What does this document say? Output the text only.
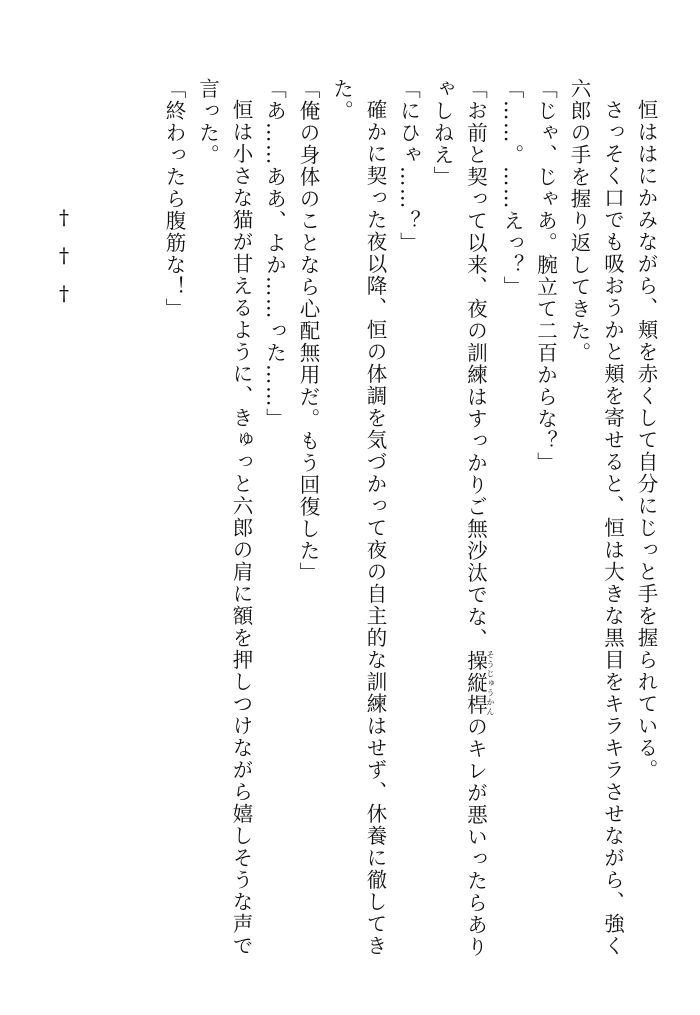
恒ははにかみながら、頬を赤くして自分にじっと手を握られている。

さっそく口でも吸おうかと頬を寄せると、恒は大きな黒目をキラキラさせながら、強く六郎の手を握り返してきた。

「じゃ、じゃあ。腕立て二百からな？」

「……。……えっ？」

「お前と契って以来、夜の訓練はすっかりご無沙汰でな、操縦桿そうじゅうかんのキレが悪いったらありゃしねえ」

「にひゃ……？」

確かに契った夜以降、恒の体調を気づかって夜の自主的な訓練はせず、休養に徹してきた。

「俺の身体のことなら心配無用だ。もう回復した」

「あ……ああ、よか……った……」

恒は小さな猫が甘えるように、きゅっと六郎の肩に額を押しつけながら嬉しそうな声で言った。

「終わったら腹筋な！」

†
†
†
